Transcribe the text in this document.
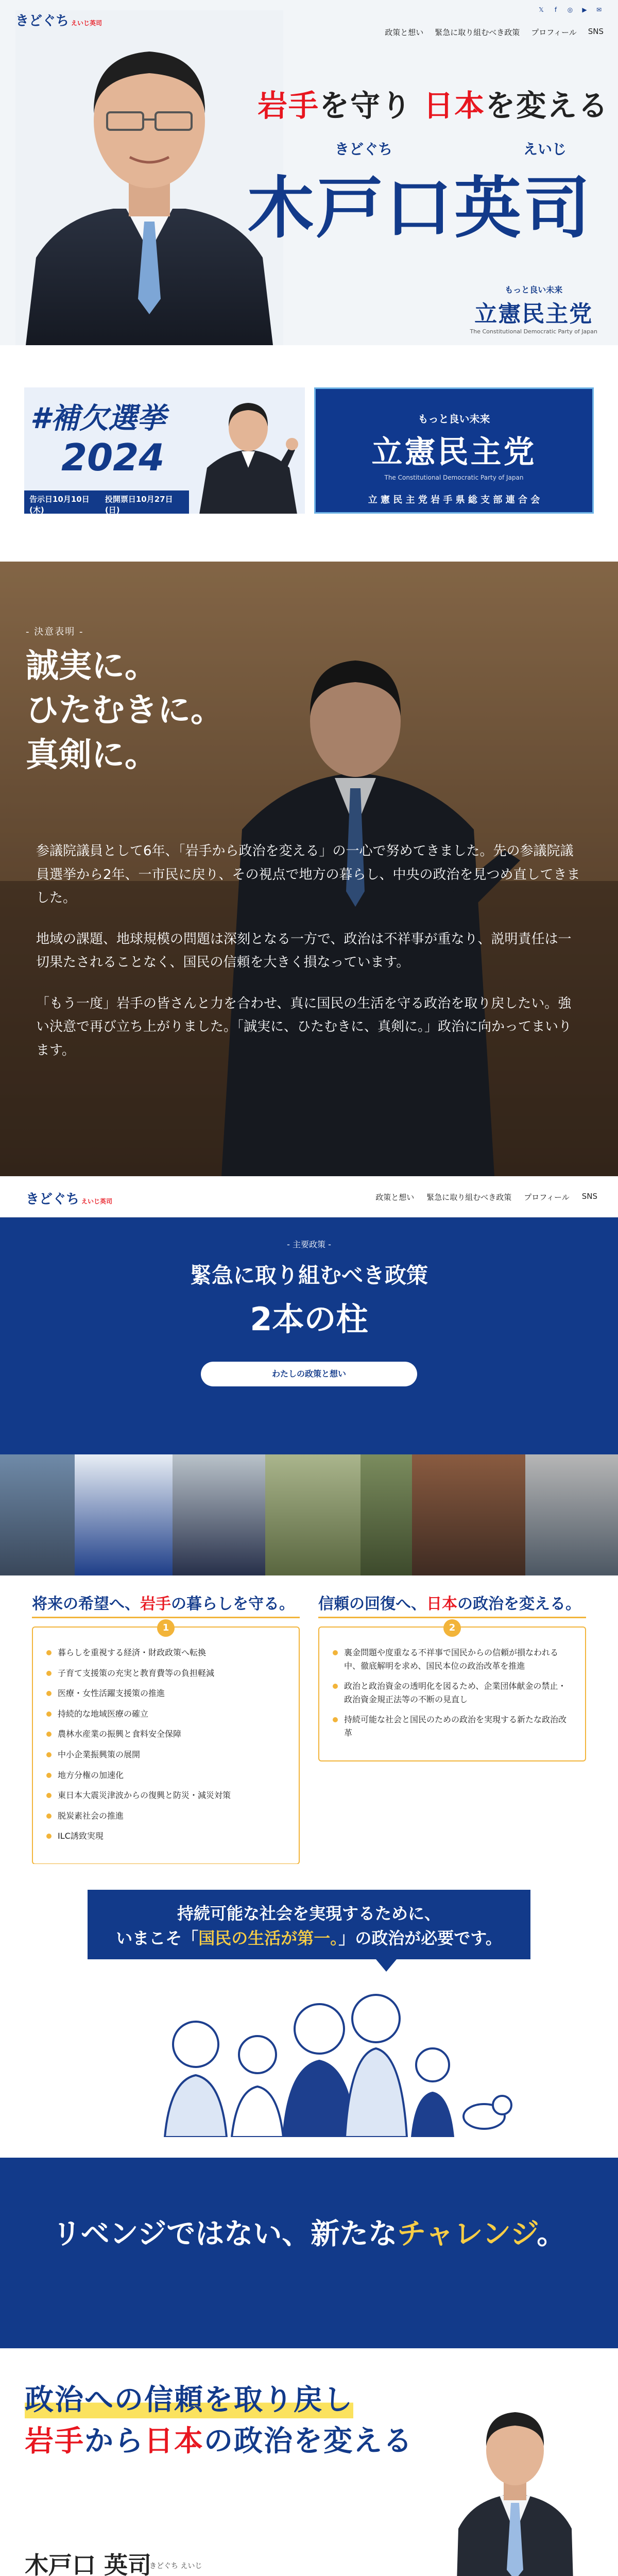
きどぐち えいじ英司
𝕏	f	◎	▶	✉
政策と想い 緊急に取り組むべき政策 プロフィール SNS
岩手を守り 日本を変える
きどぐち	えいじ
木戸口英司
もっと良い未来
立憲民主党
The Constitutional Democratic Party of Japan
#補欠選挙
2024
告示日10月10日(木)
投開票日10月27日(日)
もっと良い未来
立憲民主党
The Constitutional Democratic Party of Japan
立 憲 民 主 党 岩 手 県 総 支 部 連 合 会
- 決意表明 -
誠実に。
ひたむきに。
真剣に。

参議院議員として6年、「岩手から政治を変える」の一心で努めてきました。先の参議院議員選挙から2年、一市民に戻り、その視点で地方の暮らし、中央の政治を見つめ直してきました。

地域の課題、地球規模の問題は深刻となる一方で、政治は不祥事が重なり、説明責任は一切果たされることなく、国民の信頼を大きく損なっています。

「もう一度」岩手の皆さんと力を合わせ、真に国民の生活を守る政治を取り戻したい。強い決意で再び立ち上がりました。「誠実に、ひたむきに、真剣に。」政治に向かってまいります。

きどぐち えいじ英司	政策と想い 緊急に取り組むべき政策 プロフィール SNS
- 主要政策 -
緊急に取り組むべき政策
2本の柱
わたしの政策と想い
将来の希望へ、岩手の暮らしを守る。
1
暮らしを重視する経済・財政政策へ転換
子育て支援策の充実と教育費等の負担軽減
医療・女性活躍支援策の推進
持続的な地域医療の確立
農林水産業の振興と食料安全保障
中小企業振興策の展開
地方分権の加速化
東日本大震災津波からの復興と防災・減災対策
脱炭素社会の推進
ILC誘致実現
信頼の回復へ、日本の政治を変える。
2
裏金問題や度重なる不祥事で国民からの信頼が損なわれる中、徹底解明を求め、国民本位の政治改革を推進
政治と政治資金の透明化を図るため、企業団体献金の禁止・政治資金規正法等の不断の見直し
持続可能な社会と国民のための政治を実現する新たな政治改革
持続可能な社会を実現するために、
いまこそ「国民の生活が第一。」の政治が必要です。
リベンジではない、新たなチャレンジ。
政治への信頼を取り戻し
岩手から日本の政治を変える
木戸口 英司
きどぐち えいじ
